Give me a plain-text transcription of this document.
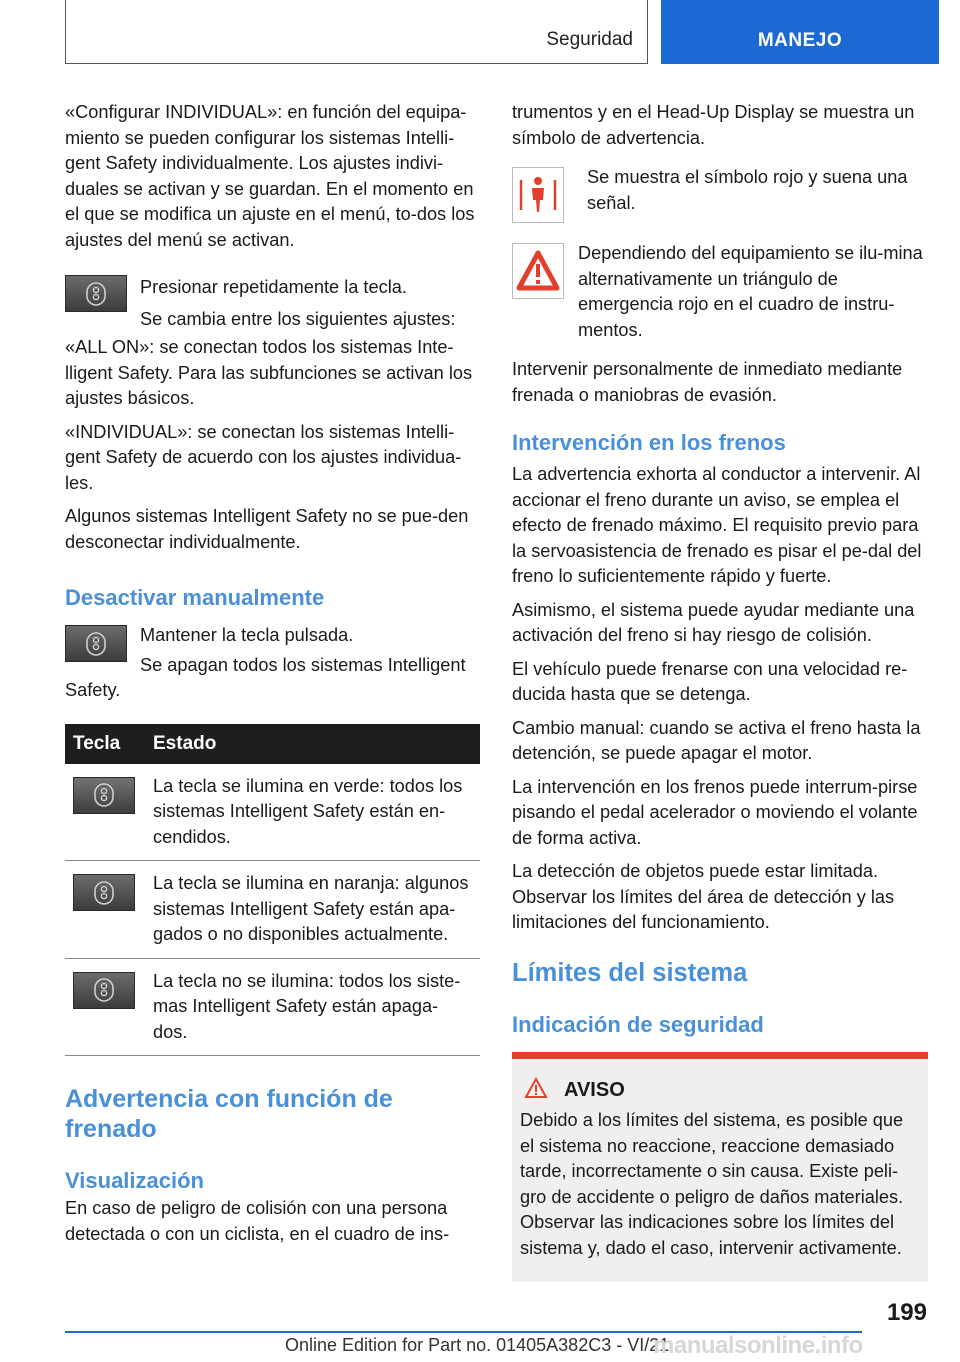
Seguridad	MANEJO

«Configurar INDIVIDUAL»: en función del equipa-miento se pueden configurar los sistemas Intelli-gent Safety individualmente. Los ajustes indivi-duales se activan y se guardan. En el momento en el que se modifica un ajuste en el menú, to-dos los ajustes del menú se activan.

Presionar repetidamente la tecla.

Se cambia entre los siguientes ajustes:

«ALL ON»: se conectan todos los sistemas Inte-lligent Safety. Para las subfunciones se activan los ajustes básicos.

«INDIVIDUAL»: se conectan los sistemas Intelli-gent Safety de acuerdo con los ajustes individua-les.

Algunos sistemas Intelligent Safety no se pue-den desconectar individualmente.

Desactivar manualmente

Mantener la tecla pulsada.

Se apagan todos los sistemas Intelligent Safety.

Tecla	Estado

	La tecla se ilumina en verde: todos los sistemas Intelligent Safety están en-cendidos.

	La tecla se ilumina en naranja: algunos sistemas Intelligent Safety están apa-gados o no disponibles actualmente.

	La tecla no se ilumina: todos los siste-mas Intelligent Safety están apaga-dos.
Advertencia con función de frenado
Visualización

En caso de peligro de colisión con una persona detectada o con un ciclista, en el cuadro de ins-

trumentos y en el Head-Up Display se muestra un símbolo de advertencia.

Se muestra el símbolo rojo y suena una señal.

Dependiendo del equipamiento se ilu-mina alternativamente un triángulo de emergencia rojo en el cuadro de instru-mentos.

Intervenir personalmente de inmediato mediante frenada o maniobras de evasión.

Intervención en los frenos

La advertencia exhorta al conductor a intervenir. Al accionar el freno durante un aviso, se emplea el efecto de frenado máximo. El requisito previo para la servoasistencia de frenado es pisar el pe-dal del freno lo suficientemente rápido y fuerte.

Asimismo, el sistema puede ayudar mediante una activación del freno si hay riesgo de colisión.

El vehículo puede frenarse con una velocidad re-ducida hasta que se detenga.

Cambio manual: cuando se activa el freno hasta la detención, se puede apagar el motor.

La intervención en los frenos puede interrum-pirse pisando el pedal acelerador o moviendo el volante de forma activa.

La detección de objetos puede estar limitada. Observar los límites del área de detección y las limitaciones del funcionamiento.

Límites del sistema
Indicación de seguridad
AVISO

Debido a los límites del sistema, es posible que el sistema no reaccione, reaccione demasiado tarde, incorrectamente o sin causa. Existe peli-gro de accidente o peligro de daños materiales. Observar las indicaciones sobre los límites del sistema y, dado el caso, intervenir activamente.

199
Online Edition for Part no. 01405A382C3 - VI/21
manualsonline.info
